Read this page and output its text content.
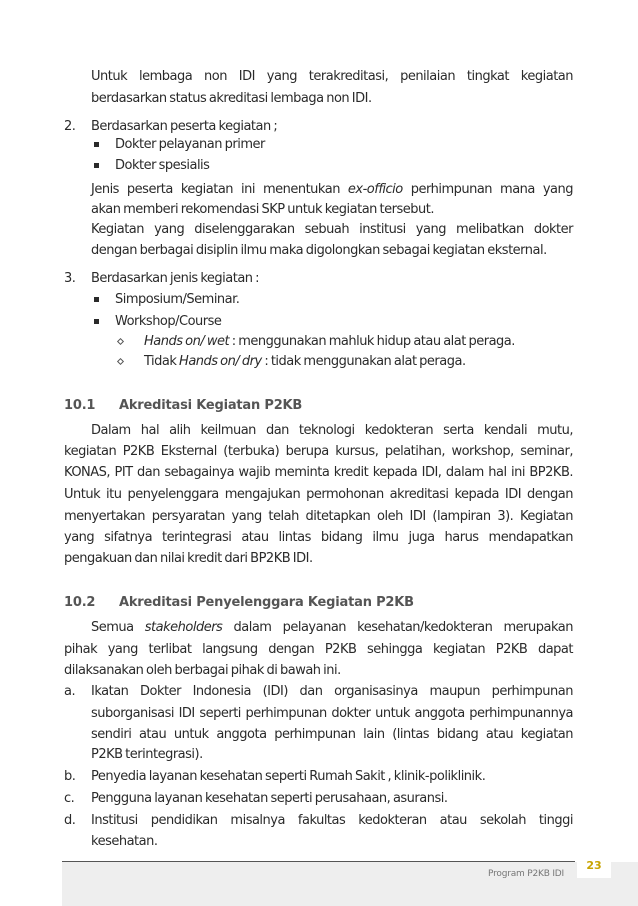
Untuk lembaga non IDI yang terakreditasi, penilaian tingkat kegiatan

berdasarkan status akreditasi lembaga non IDI.

2. Berdasarkan peserta kegiatan ;

Dokter pelayanan primer

Dokter spesialis

Jenis peserta kegiatan ini menentukan ex-officio perhimpunan mana yang

akan memberi rekomendasi SKP untuk kegiatan tersebut.

Kegiatan yang diselenggarakan sebuah institusi yang melibatkan dokter

dengan berbagai disiplin ilmu maka digolongkan sebagai kegiatan eksternal.

3. Berdasarkan jenis kegiatan :

Simposium/Seminar.

Workshop/Course

Hands on/ wet : menggunakan mahluk hidup atau alat peraga.

Tidak Hands on/ dry : tidak menggunakan alat peraga.

10.1 Akreditasi Kegiatan P2KB

Dalam hal alih keilmuan dan teknologi kedokteran serta kendali mutu,

kegiatan P2KB Eksternal (terbuka) berupa kursus, pelatihan, workshop, seminar,

KONAS, PIT dan sebagainya wajib meminta kredit kepada IDI, dalam hal ini BP2KB.

Untuk itu penyelenggara mengajukan permohonan akreditasi kepada IDI dengan

menyertakan persyaratan yang telah ditetapkan oleh IDI (lampiran 3). Kegiatan

yang sifatnya terintegrasi atau lintas bidang ilmu juga harus mendapatkan

pengakuan dan nilai kredit dari BP2KB IDI.

10.2 Akreditasi Penyelenggara Kegiatan P2KB

Semua stakeholders dalam pelayanan kesehatan/kedokteran merupakan

pihak yang terlibat langsung dengan P2KB sehingga kegiatan P2KB dapat

dilaksanakan oleh berbagai pihak di bawah ini.

a. Ikatan Dokter Indonesia (IDI) dan organisasinya maupun perhimpunan

suborganisasi IDI seperti perhimpunan dokter untuk anggota perhimpunannya

sendiri atau untuk anggota perhimpunan lain (lintas bidang atau kegiatan

P2KB terintegrasi).

b. Penyedia layanan kesehatan seperti Rumah Sakit , klinik-poliklinik.

c. Pengguna layanan kesehatan seperti perusahaan, asuransi.

d. Institusi pendidikan misalnya fakultas kedokteran atau sekolah tinggi

kesehatan.

Program P2KB IDI
23
